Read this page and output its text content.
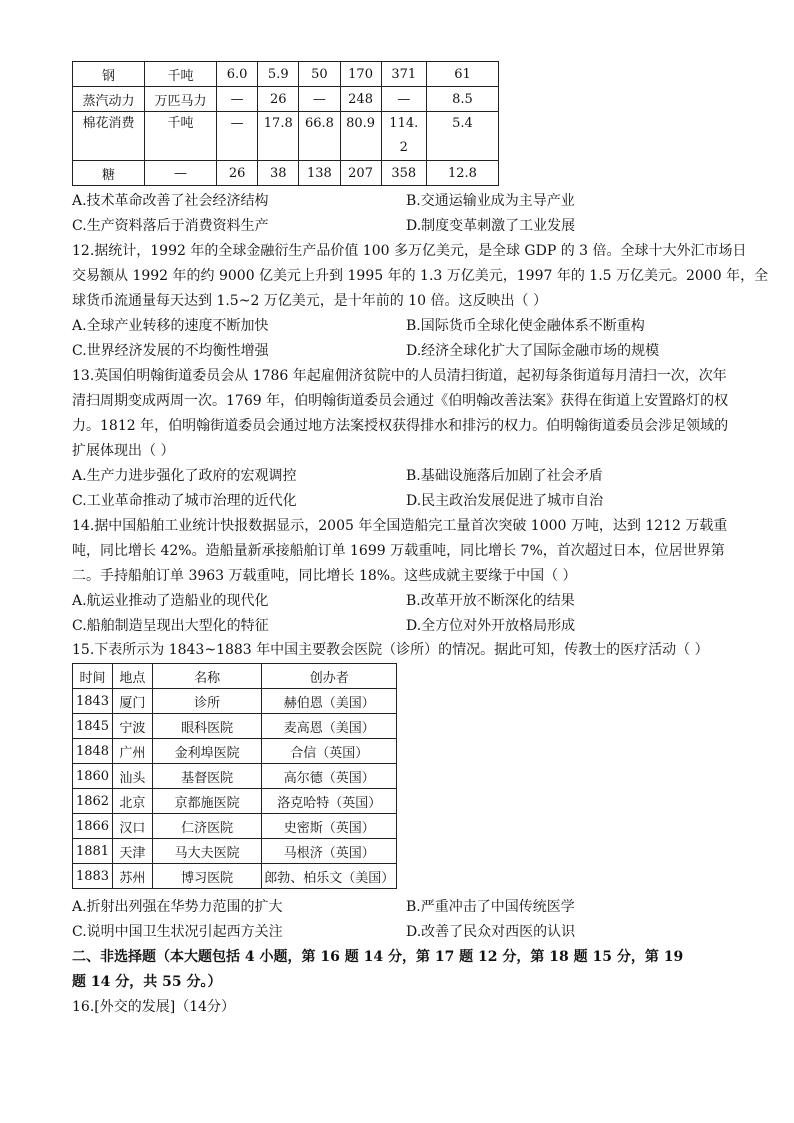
钢	千吨	6.0	5.9	50	170	371	61
蒸汽动力	万匹马力	—	26	—	248	—	8.5
棉花消费	千吨	—	17.8	66.8	80.9	114.2	5.4
糖	—	26	38	138	207	358	12.8
A.技术革命改善了社会经济结构	B.交通运输业成为主导产业
C.生产资料落后于消费资料生产	D.制度变革刺激了工业发展
12.据统计，1992 年的全球金融衍生产品价值 100 多万亿美元，是全球 GDP 的 3 倍。全球十大外汇市场日
交易额从 1992 年的约 9000 亿美元上升到 1995 年的 1.3 万亿美元，1997 年的 1.5 万亿美元。2000 年，全
球货币流通量每天达到 1.5~2 万亿美元，是十年前的 10 倍。这反映出（ ）
A.全球产业转移的速度不断加快	B.国际货币全球化使金融体系不断重构
C.世界经济发展的不均衡性增强	D.经济全球化扩大了国际金融市场的规模
13.英国伯明翰街道委员会从 1786 年起雇佣济贫院中的人员清扫街道，起初每条街道每月清扫一次，次年
清扫周期变成两周一次。1769 年，伯明翰街道委员会通过《伯明翰改善法案》获得在街道上安置路灯的权
力。1812 年，伯明翰街道委员会通过地方法案授权获得排水和排污的权力。伯明翰街道委员会涉足领域的
扩展体现出（ ）
A.生产力进步强化了政府的宏观调控	B.基础设施落后加剧了社会矛盾
C.工业革命推动了城市治理的近代化	D.民主政治发展促进了城市自治
14.据中国船舶工业统计快报数据显示，2005 年全国造船完工量首次突破 1000 万吨，达到 1212 万载重
吨，同比增长 42%。造船量新承接船舶订单 1699 万载重吨，同比增长 7%，首次超过日本，位居世界第
二。手持船舶订单 3963 万载重吨，同比增长 18%。这些成就主要缘于中国（ ）
A.航运业推动了造船业的现代化	B.改革开放不断深化的结果
C.船舶制造呈现出大型化的特征	D.全方位对外开放格局形成
15.下表所示为 1843~1883 年中国主要教会医院（诊所）的情况。据此可知，传教士的医疗活动（ ）
时间	地点	名称	创办者
1843	厦门	诊所	赫伯恩（美国）
1845	宁波	眼科医院	麦高恩（美国）
1848	广州	金利埠医院	合信（英国）
1860	汕头	基督医院	高尔德（英国）
1862	北京	京都施医院	洛克哈特（英国）
1866	汉口	仁济医院	史密斯（英国）
1881	天津	马大夫医院	马根济（英国）
1883	苏州	博习医院	郎勃、柏乐文（美国）
A.折射出列强在华势力范围的扩大	B.严重冲击了中国传统医学
C.说明中国卫生状况引起西方关注	D.改善了民众对西医的认识
二、非选择题（本大题包括 4 小题，第 16 题 14 分，第 17 题 12 分，第 18 题 15 分，第 19
题 14 分，共 55 分。）
16.[外交的发展]（14分）
